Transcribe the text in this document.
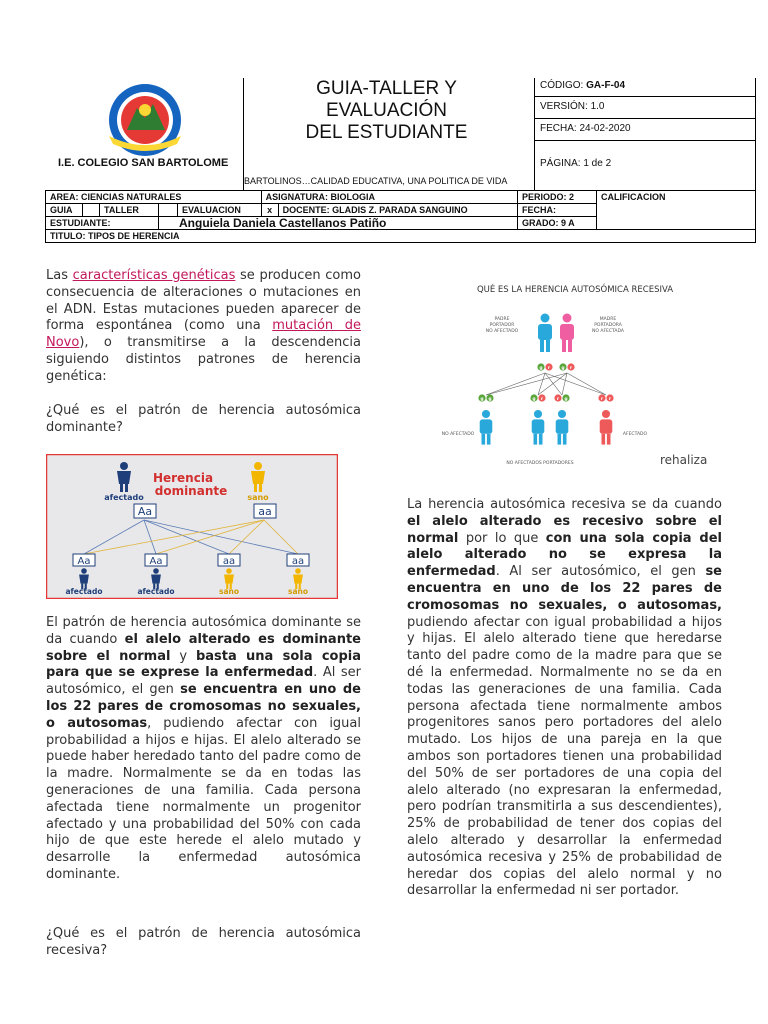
I.E. COLEGIO SAN BARTOLOME
GUIA-TALLER Y
EVALUACIÓN
DEL ESTUDIANTE
BARTOLINOS…CALIDAD EDUCATIVA, UNA POLITICA DE VIDA
CÓDIGO: GA-F-04
VERSIÓN: 1.0
FECHA: 24-02-2020
PÁGINA: 1 de 2
AREA: CIENCIAS NATURALES					ASIGNATURA: BIOLOGIA		PERIODO: 2	CALIFICACION
GUIA		TALLER		EVALUACION	x	DOCENTE: GLADIS Z. PARADA SANGUINO	FECHA:	
ESTUDIANTE:			Anguiela Daniela Castellanos Patiño				GRADO: 9 A	
TITULO: TIPOS DE HERENCIA								
Las características genéticas se producen como consecuencia de alteraciones o mutaciones en el ADN. Estas mutaciones pueden aparecer de forma espontánea (como una mutación de Novo), o transmitirse a la descendencia siguiendo distintos patrones de herencia genética:
¿Qué es el patrón de herencia autosómica dominante?
Herencia
dominante
Aa	aa
Aa	Aa	aa	aa
afectado	sano
afectado	afectado	sano	sano
El patrón de herencia autosómica dominante se da cuando el alelo alterado es dominante sobre el normal y basta una sola copia para que se exprese la enfermedad. Al ser autosómico, el gen se encuentra en uno de los 22 pares de cromosomas no sexuales, o autosomas, pudiendo afectar con igual probabilidad a hijos e hijas. El alelo alterado se puede haber heredado tanto del padre como de la madre. Normalmente se da en todas las generaciones de una familia. Cada persona afectada tiene normalmente un progenitor afectado y una probabilidad del 50% con cada hijo de que este herede el alelo mutado y desarrolle la enfermedad autosómica dominante.
¿Qué es el patrón de herencia autosómica recesiva?
QUÉ ES LA HERENCIA AUTOSÓMICA RECESIVA
PADRE PORTADOR NO AFECTADO
MADRE PORTADORA NO AFECTADA
g r	g r
g g	g r	r g	r r
NO AFECTADO	AFECTADO
NO AFECTADOS PORTADORES	rehaliza
La herencia autosómica recesiva se da cuando el alelo alterado es recesivo sobre el normal por lo que con una sola copia del alelo alterado no se expresa la enfermedad. Al ser autosómico, el gen se encuentra en uno de los 22 pares de cromosomas no sexuales, o autosomas, pudiendo afectar con igual probabilidad a hijos y hijas. El alelo alterado tiene que heredarse tanto del padre como de la madre para que se dé la enfermedad. Normalmente no se da en todas las generaciones de una familia. Cada persona afectada tiene normalmente ambos progenitores sanos pero portadores del alelo mutado. Los hijos de una pareja en la que ambos son portadores tienen una probabilidad del 50% de ser portadores de una copia del alelo alterado (no expresaran la enfermedad, pero podrían transmitirla a sus descendientes), 25% de probabilidad de tener dos copias del alelo alterado y desarrollar la enfermedad autosómica recesiva y 25% de probabilidad de heredar dos copias del alelo normal y no desarrollar la enfermedad ni ser portador.
